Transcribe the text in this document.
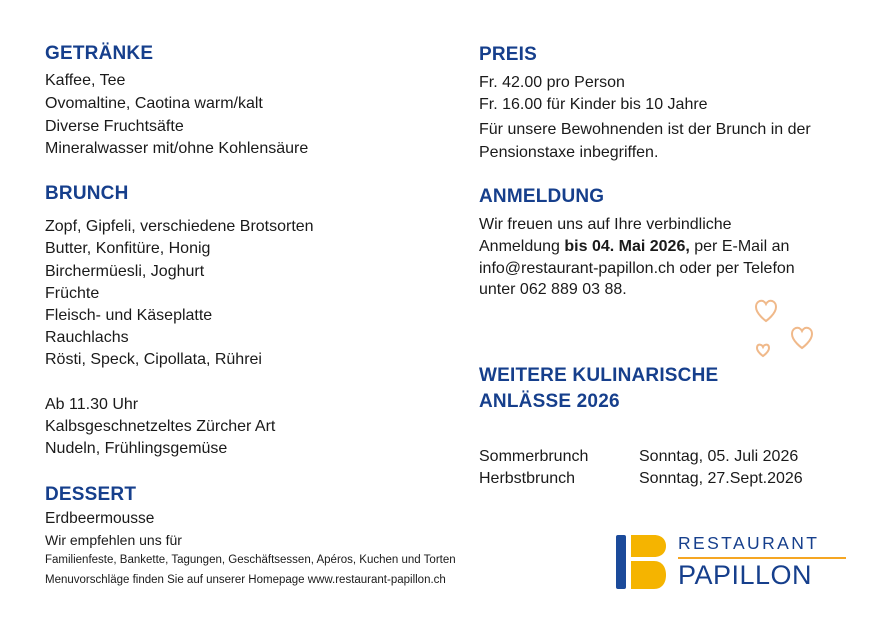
GETRÄNKE
Kaffee, Tee
Ovomaltine, Caotina warm/kalt
Diverse Fruchtsäfte
Mineralwasser mit/ohne Kohlensäure
BRUNCH
Zopf, Gipfeli, verschiedene Brotsorten
Butter, Konfitüre, Honig
Birchermüesli, Joghurt
Früchte
Fleisch- und Käseplatte
Rauchlachs
Rösti, Speck, Cipollata, Rührei
Ab 11.30 Uhr
Kalbsgeschnetzeltes Zürcher Art
Nudeln, Frühlingsgemüse
DESSERT
Erdbeermousse
Wir empfehlen uns für
Familienfeste, Bankette, Tagungen, Geschäftsessen, Apéros, Kuchen und Torten
Menuvorschläge finden Sie auf unserer Homepage www.restaurant-papillon.ch
PREIS
Fr. 42.00 pro Person
Fr. 16.00 für Kinder bis 10 Jahre
Für unsere Bewohnenden ist der Brunch in der
Pensionstaxe inbegriffen.
ANMELDUNG
Wir freuen uns auf Ihre verbindliche
Anmeldung bis 04. Mai 2026, per E-Mail an
info@restaurant-papillon.ch oder per Telefon
unter 062 889 03 88.
WEITERE KULINARISCHE
ANLÄSSE 2026
Sommerbrunch	Sonntag, 05. Juli 2026
Herbstbrunch	Sonntag, 27.Sept.2026
RESTAURANT
PAPILLON
